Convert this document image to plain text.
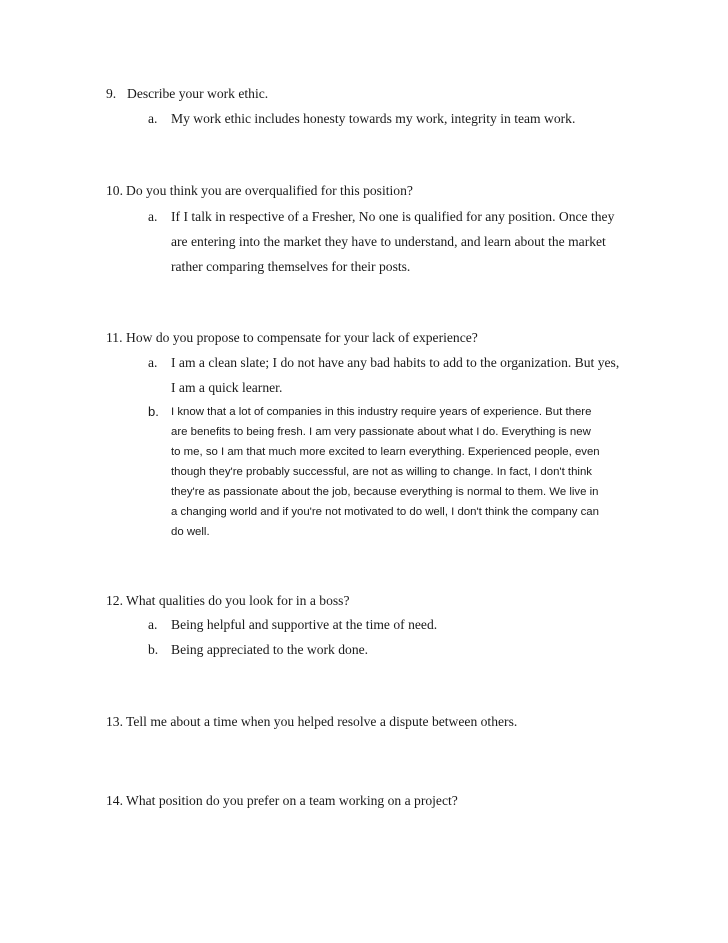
9. Describe your work ethic.
a. My work ethic includes honesty towards my work, integrity in team work.
10. Do you think you are overqualified for this position?
a. If I talk in respective of a Fresher, No one is qualified for any position. Once they
are entering into the market they have to understand, and learn about the market
rather comparing themselves for their posts.
11. How do you propose to compensate for your lack of experience?
a. I am a clean slate; I do not have any bad habits to add to the organization. But yes,
I am a quick learner.
b.	I know that a lot of companies in this industry require years of experience. But there
are benefits to being fresh. I am very passionate about what I do. Everything is new
to me, so I am that much more excited to learn everything. Experienced people, even
though they're probably successful, are not as willing to change. In fact, I don't think
they're as passionate about the job, because everything is normal to them. We live in
a changing world and if you're not motivated to do well, I don't think the company can
do well.
12. What qualities do you look for in a boss?
a. Being helpful and supportive at the time of need.
b. Being appreciated to the work done.
13. Tell me about a time when you helped resolve a dispute between others.
14. What position do you prefer on a team working on a project?
